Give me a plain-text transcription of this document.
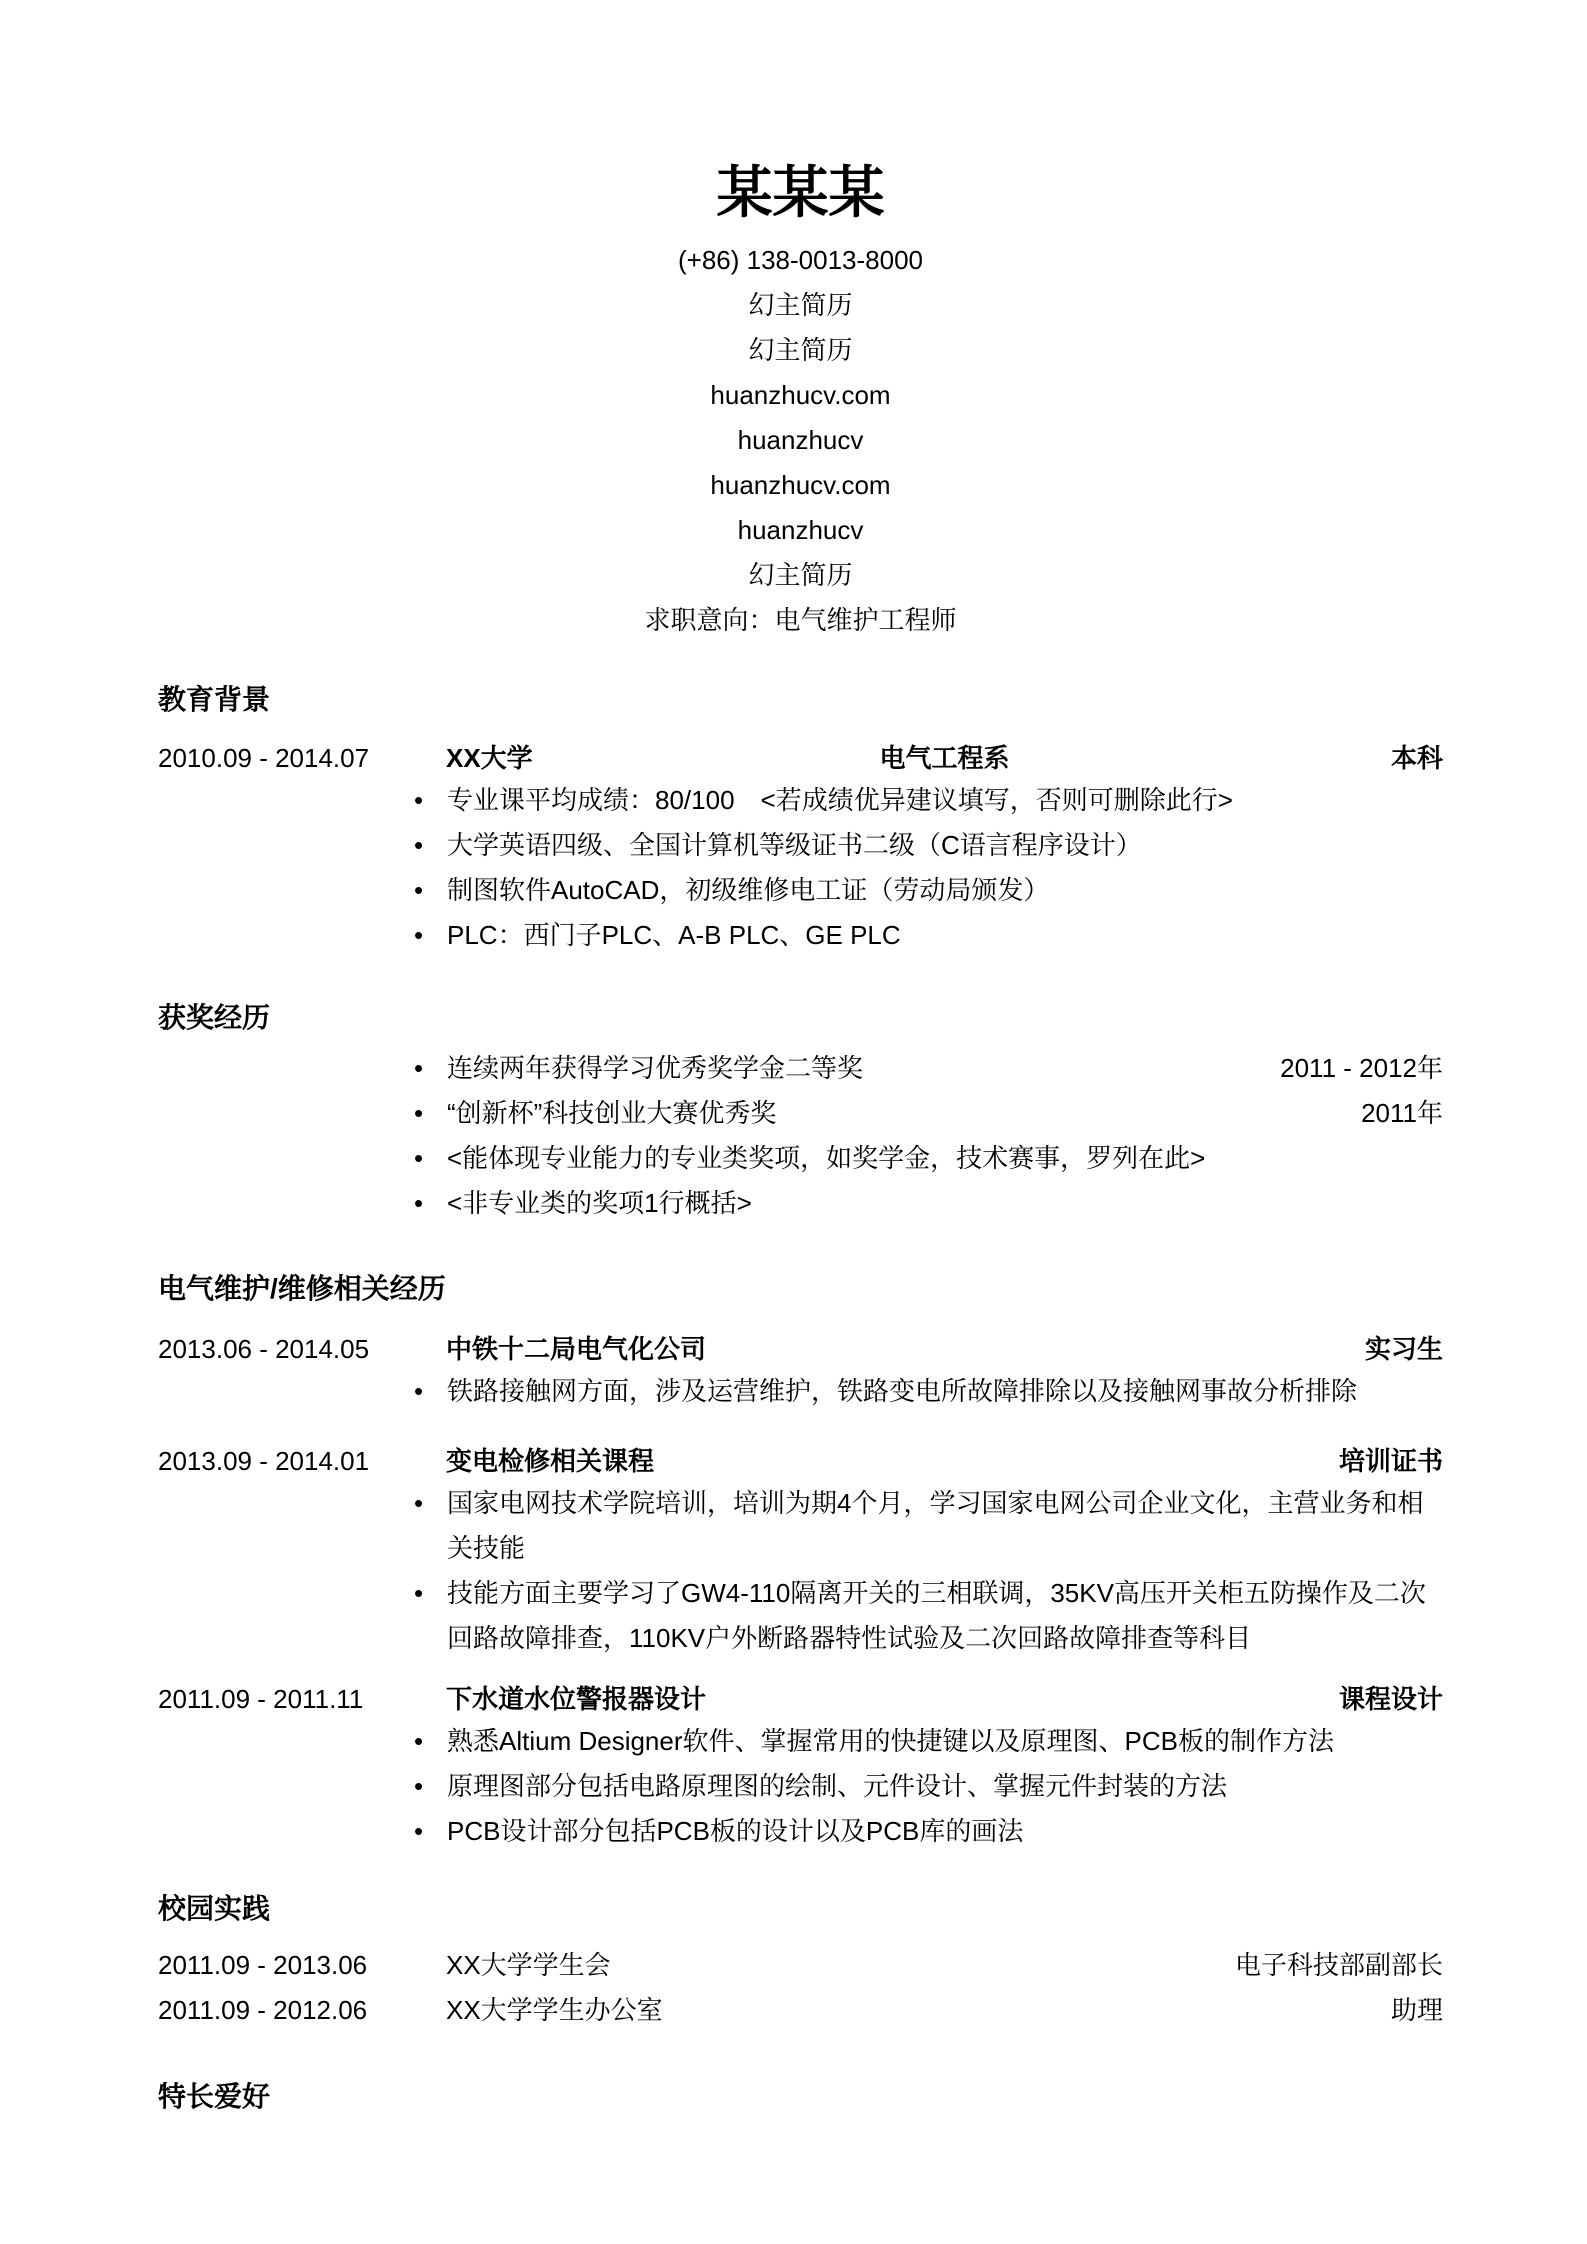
某某某
(+86) 138-0013-8000
幻主简历
幻主简历
huanzhucv.com
huanzhucv
huanzhucv.com
huanzhucv
幻主简历
求职意向：电气维护工程师
教育背景
2010.09 - 2014.07	XX大学	电气工程系	本科
• 专业课平均成绩：80/100　<若成绩优异建议填写，否则可删除此行>
• 大学英语四级、全国计算机等级证书二级（C语言程序设计）
• 制图软件AutoCAD，初级维修电工证（劳动局颁发）
• PLC：西门子PLC、A-B PLC、GE PLC
获奖经历
• 连续两年获得学习优秀奖学金二等奖	2011 - 2012年
• “创新杯”科技创业大赛优秀奖	2011年
• <能体现专业能力的专业类奖项，如奖学金，技术赛事，罗列在此>
• <非专业类的奖项1行概括>
电气维护/维修相关经历
2013.06 - 2014.05	中铁十二局电气化公司	实习生
• 铁路接触网方面，涉及运营维护，铁路变电所故障排除以及接触网事故分析排除
2013.09 - 2014.01	变电检修相关课程	培训证书
• 国家电网技术学院培训，培训为期4个月，学习国家电网公司企业文化，主营业务和相关技能
• 技能方面主要学习了GW4-110隔离开关的三相联调，35KV高压开关柜五防操作及二次回路故障排查，110KV户外断路器特性试验及二次回路故障排查等科目
2011.09 - 2011.11	下水道水位警报器设计	课程设计
• 熟悉Altium Designer软件、掌握常用的快捷键以及原理图、PCB板的制作方法
• 原理图部分包括电路原理图的绘制、元件设计、掌握元件封装的方法
• PCB设计部分包括PCB板的设计以及PCB库的画法
校园实践
2011.09 - 2013.06	XX大学学生会	电子科技部副部长
2011.09 - 2012.06	XX大学学生办公室	助理
特长爱好
